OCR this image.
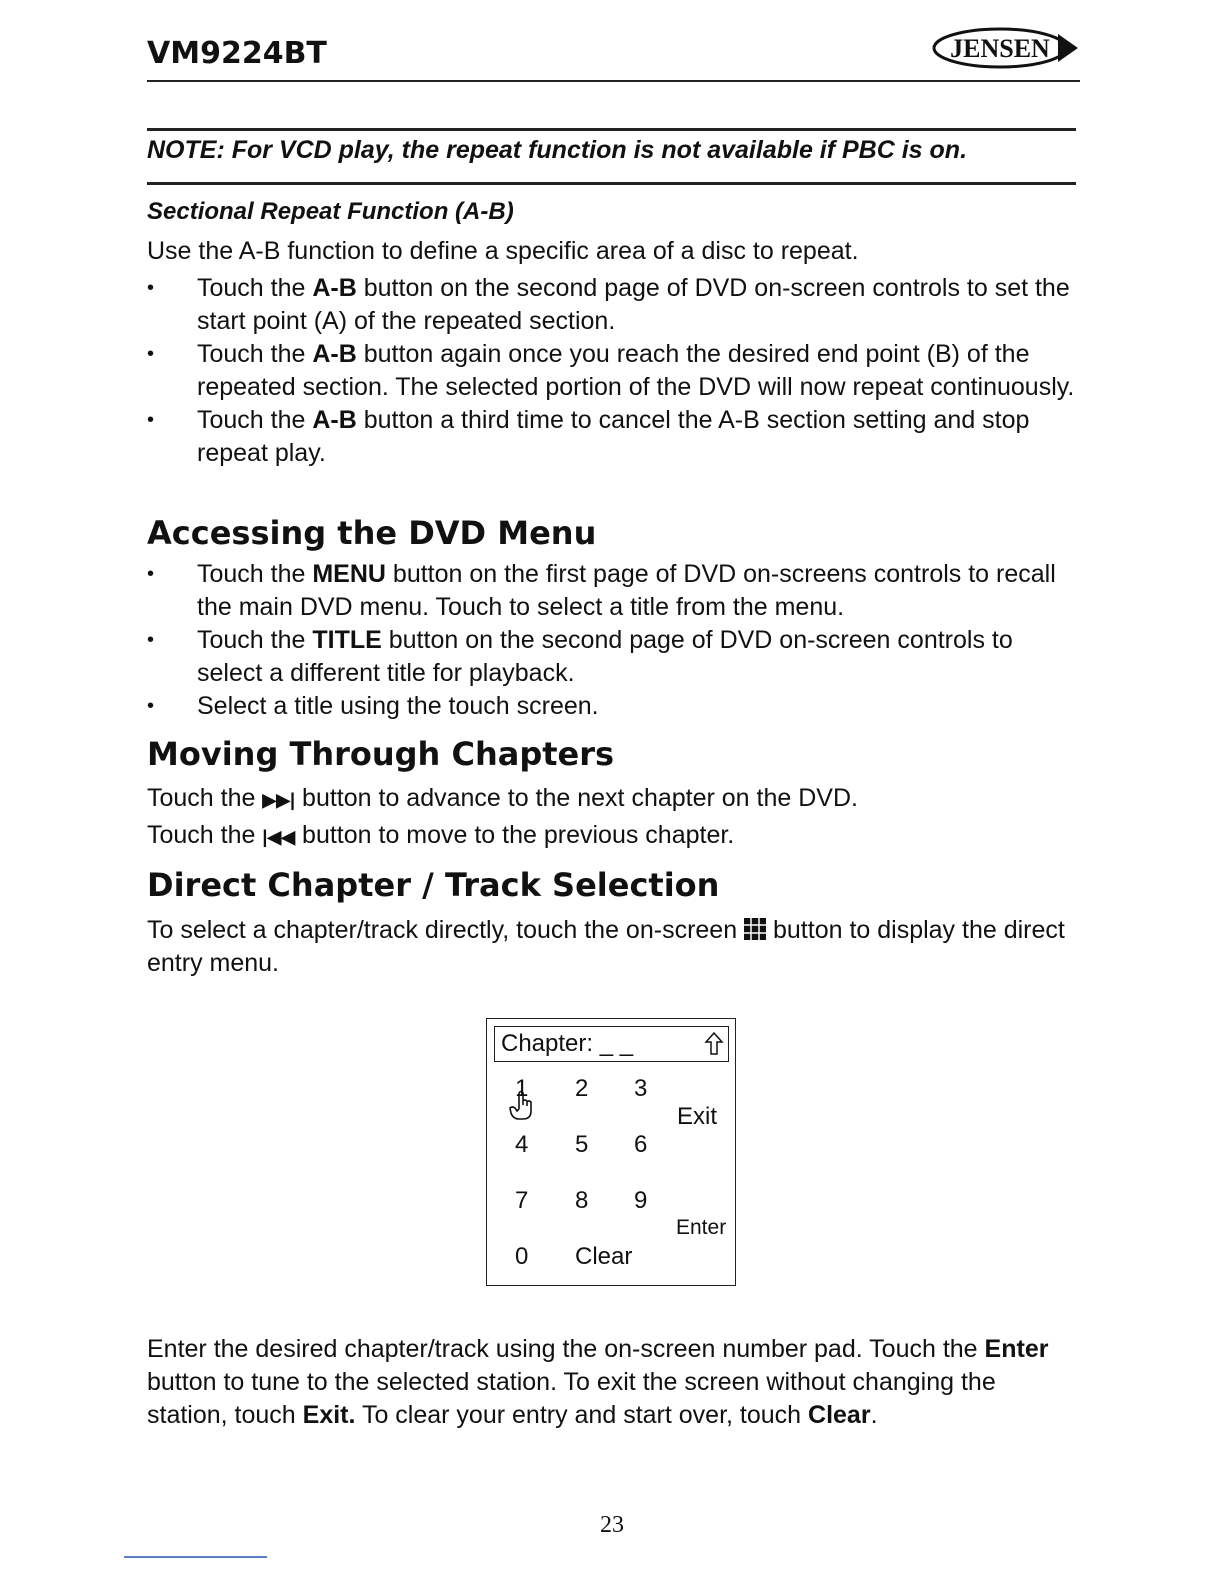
VM9224BT	JENSEN
NOTE: For VCD play, the repeat function is not available if PBC is on.
Sectional Repeat Function (A-B)
Use the A-B function to define a specific area of a disc to repeat.
• Touch the A-B button on the second page of DVD on-screen controls to set the start point (A) of the repeated section.
• Touch the A-B button again once you reach the desired end point (B) of the repeated section. The selected portion of the DVD will now repeat continuously.
• Touch the A-B button a third time to cancel the A-B section setting and stop repeat play.
Accessing the DVD Menu
• Touch the MENU button on the first page of DVD on-screens controls to recall the main DVD menu. Touch to select a title from the menu.
• Touch the TITLE button on the second page of DVD on-screen controls to select a different title for playback.
• Select a title using the touch screen.
Moving Through Chapters
Touch the ▶▶| button to advance to the next chapter on the DVD.
Touch the |◀◀ button to move to the previous chapter.
Direct Chapter / Track Selection
To select a chapter/track directly, touch the on-screen  button to display the direct entry menu.
Chapter: _ _
1 2 3
Exit
4 5 6
7 8 9
Enter
0 Clear
Enter the desired chapter/track using the on-screen number pad. Touch the Enter button to tune to the selected station. To exit the screen without changing the station, touch Exit. To clear your entry and start over, touch Clear.
23
